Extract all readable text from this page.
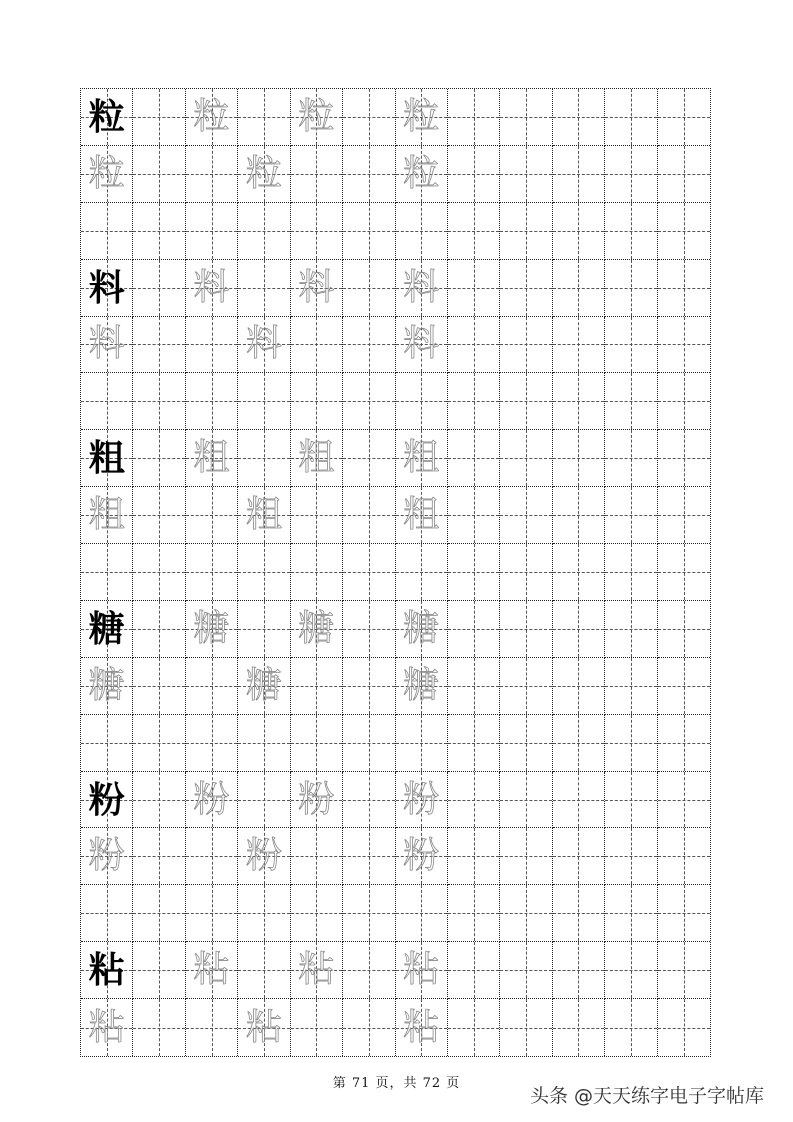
粒 粒 粒 粒
粒	粒	粒
料 料 料 料
料	料	料
粗 粗 粗 粗
粗	粗	粗
糖 糖 糖 糖
糖	糖	糖
粉 粉 粉 粉
粉	粉	粉
粘 粘 粘 粘
粘	粘	粘
第 71 页，共 72 页
头条 @天天练字电子字帖库
